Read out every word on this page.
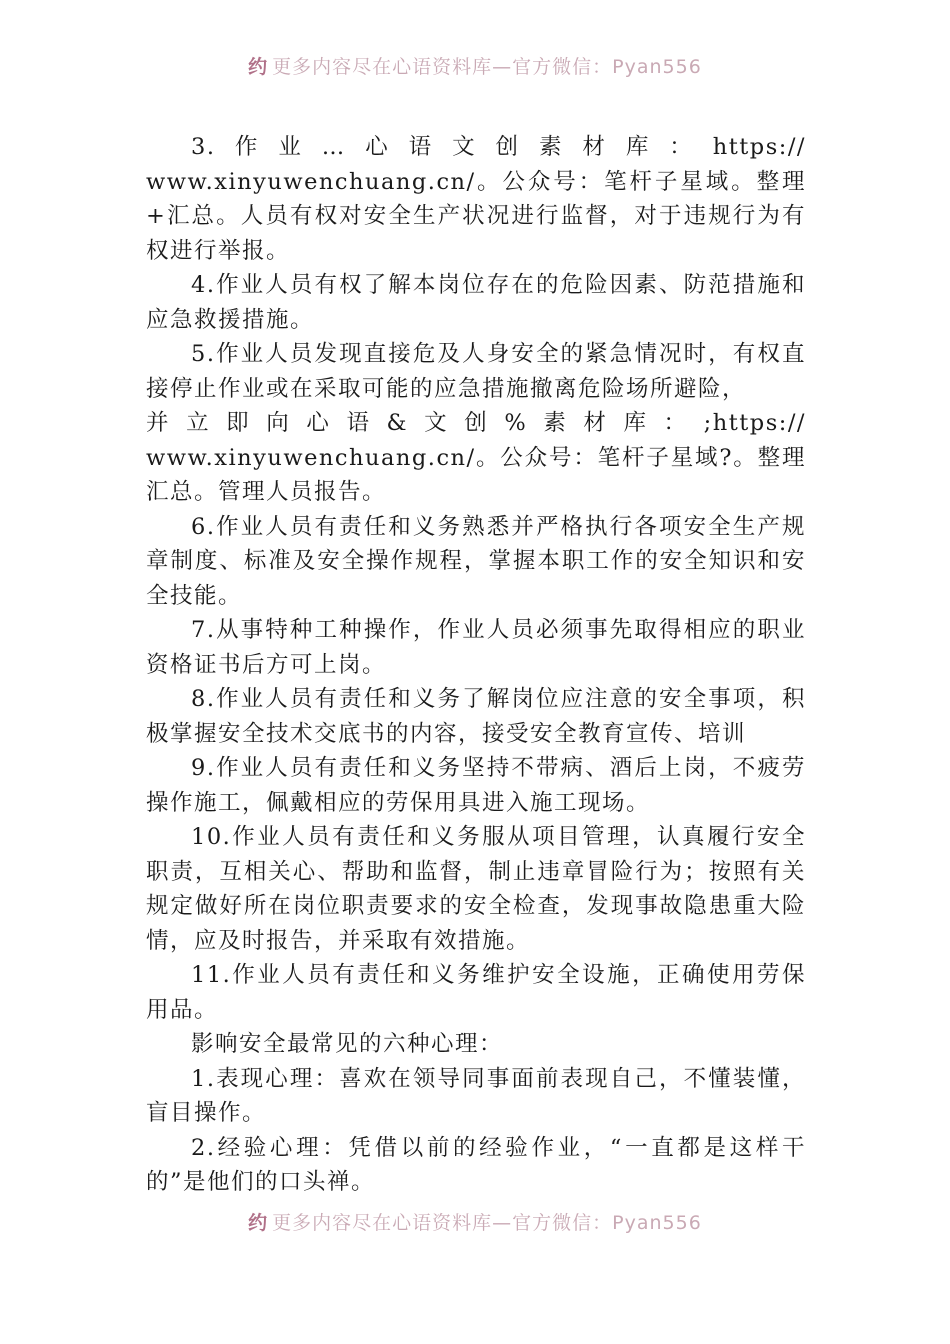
约 更多内容尽在心语资料库—官方微信：Pyan556

3.作业…心语文创素材库：https://

www.xinyuwenchuang.cn/。公众号：笔杆子星域。整理+汇总。人员有权对安全生产状况进行监督，对于违规行为有权进行举报。

4.作业人员有权了解本岗位存在的危险因素、防范措施和应急救援措施。

5.作业人员发现直接危及人身安全的紧急情况时，有权直接停止作业或在采取可能的应急措施撤离危险场所避险，

并立即向心语&文创%素材库：;https://

www.xinyuwenchuang.cn/。公众号：笔杆子星域?。整理汇总。管理人员报告。

6.作业人员有责任和义务熟悉并严格执行各项安全生产规章制度、标准及安全操作规程，掌握本职工作的安全知识和安全技能。

7.从事特种工种操作，作业人员必须事先取得相应的职业资格证书后方可上岗。

8.作业人员有责任和义务了解岗位应注意的安全事项，积极掌握安全技术交底书的内容，接受安全教育宣传、培训

9.作业人员有责任和义务坚持不带病、酒后上岗，不疲劳操作施工，佩戴相应的劳保用具进入施工现场。

10.作业人员有责任和义务服从项目管理，认真履行安全职责，互相关心、帮助和监督，制止违章冒险行为；按照有关规定做好所在岗位职责要求的安全检查，发现事故隐患重大险情，应及时报告，并采取有效措施。

11.作业人员有责任和义务维护安全设施，正确使用劳保用品。

影响安全最常见的六种心理：

1.表现心理：喜欢在领导同事面前表现自己，不懂装懂，盲目操作。

2.经验心理：凭借以前的经验作业，“一直都是这样干的”是他们的口头禅。

约 更多内容尽在心语资料库—官方微信：Pyan556
